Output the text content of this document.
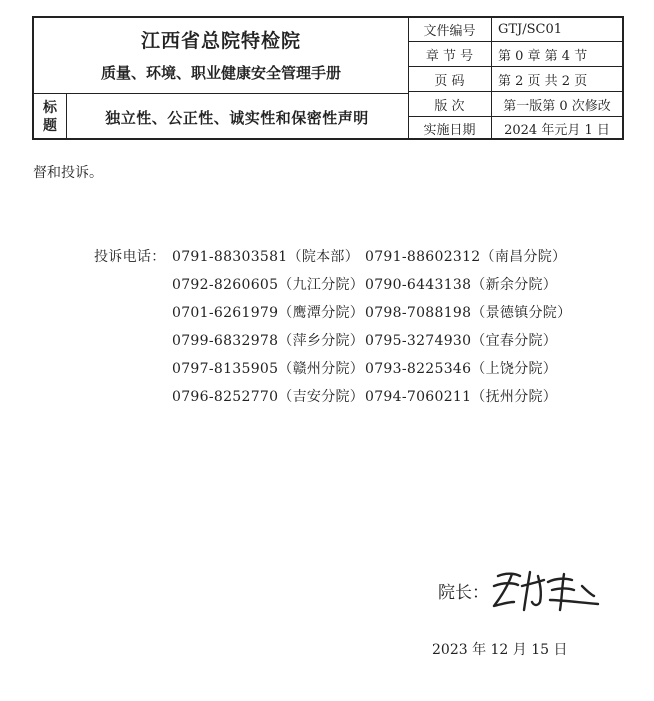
江西省总院特检院
质量、环境、职业健康安全管理手册
标
题	独立性、公正性、诚实性和保密性声明
文件编号	GTJ/SC01
章 节 号	第 0 章 第 4 节
页 码	第 2 页 共 2 页
版 次	第一版第 0 次修改
实施日期	2024 年元月 1 日
督和投诉。
投诉电话： 0791-88303581（院本部） 0791-88602312（南昌分院）
0792-8260605（九江分院） 0790-6443138（新余分院）
0701-6261979（鹰潭分院） 0798-7088198（景德镇分院）
0799-6832978（萍乡分院） 0795-3274930（宜春分院）
0797-8135905（赣州分院） 0793-8225346（上饶分院）
0796-8252770（吉安分院） 0794-7060211（抚州分院）
院长：
2023 年 12 月 15 日
